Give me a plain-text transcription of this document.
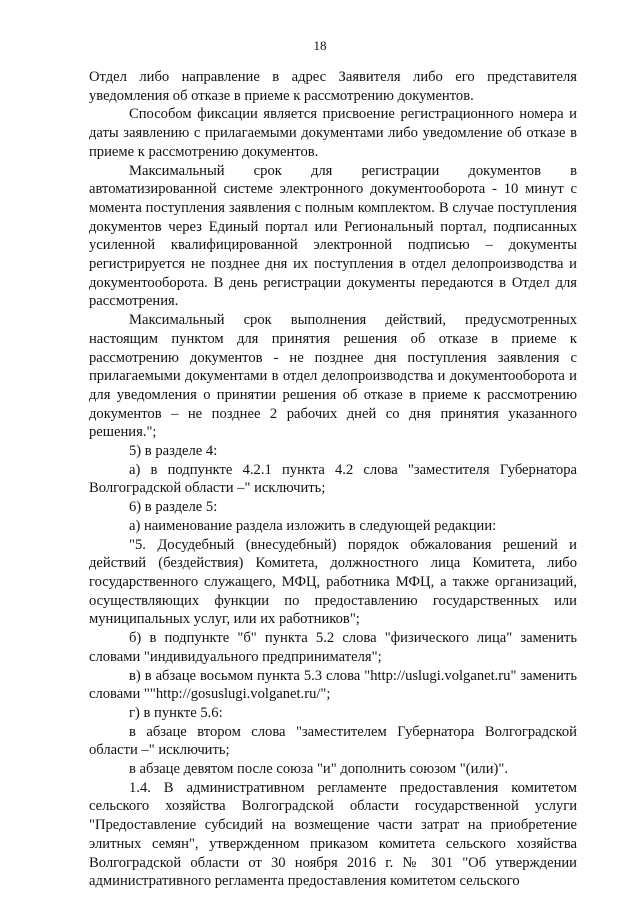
18

Отдел либо направление в адрес Заявителя либо его представителя уведомления об отказе в приеме к рассмотрению документов.

Способом фиксации является присвоение регистрационного номера и даты заявлению с прилагаемыми документами либо уведомление об отказе в приеме к рассмотрению документов.

Максимальный срок для регистрации документов в автоматизированной системе электронного документооборота - 10 минут с момента поступления заявления с полным комплектом. В случае поступления документов через Единый портал или Региональный портал, подписанных усиленной квалифицированной электронной подписью – документы регистрируется не позднее дня их поступления в отдел делопроизводства и документооборота. В день регистрации документы передаются в Отдел для рассмотрения.

Максимальный срок выполнения действий, предусмотренных настоящим пунктом для принятия решения об отказе в приеме к рассмотрению документов - не позднее дня поступления заявления с прилагаемыми документами в отдел делопроизводства и документооборота и для уведомления о принятии решения об отказе в приеме к рассмотрению документов – не позднее 2 рабочих дней со дня принятия указанного решения.";

5) в разделе 4:

а) в подпункте 4.2.1 пункта 4.2 слова "заместителя Губернатора Волгоградской области –" исключить;

6) в разделе 5:

а) наименование раздела изложить в следующей редакции:

"5. Досудебный (внесудебный) порядок обжалования решений и действий (бездействия) Комитета, должностного лица Комитета, либо государственного служащего, МФЦ, работника МФЦ, а также организаций, осуществляющих функции по предоставлению государственных или муниципальных услуг, или их работников";

б) в подпункте "б" пункта 5.2 слова "физического лица" заменить словами "индивидуального предпринимателя";

в) в абзаце восьмом пункта 5.3 слова "http://uslugi.volganet.ru" заменить словами ""http://gosuslugi.volganet.ru/";

г) в пункте 5.6:

в абзаце втором слова "заместителем Губернатора Волгоградской области –" исключить;

в абзаце девятом после союза "и" дополнить союзом "(или)".

1.4. В административном регламенте предоставления комитетом сельского хозяйства Волгоградской области государственной услуги "Предоставление субсидий на возмещение части затрат на приобретение элитных семян", утвержденном приказом комитета сельского хозяйства Волгоградской области от 30 ноября 2016 г. № 301 "Об утверждении административного регламента предоставления комитетом сельского
